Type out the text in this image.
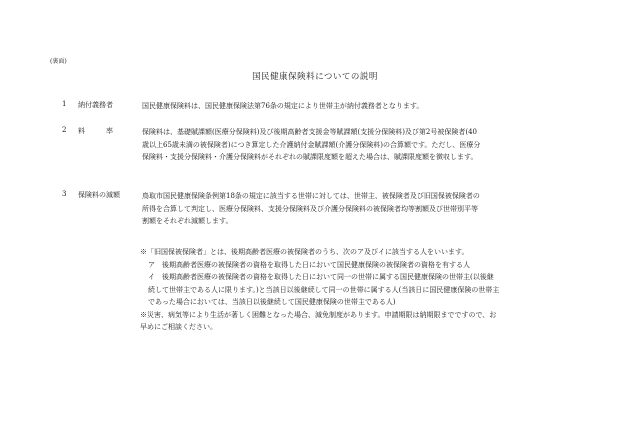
(裏面)
国民健康保険料についての説明
1 納付義務者	国民健康保険料は、国民健康保険法第76条の規定により世帯主が納付義務者となります。

2 料　　　率	保険料は、基礎賦課額(医療分保険料)及び後期高齢者支援金等賦課額(支援分保険料)及び第2号被保険者(40歳以上65歳未満の被保険者)につき算定した介護納付金賦課額(介護分保険料)の合算額です。ただし、医療分保険料・支援分保険料・介護分保険料がそれぞれの賦課限度額を超えた場合は、賦課限度額を徴収します。

3 保険料の減額	鳥取市国民健康保険条例第18条の規定に該当する世帯に対しては、世帯主、被保険者及び旧国保被保険者の所得を合算して判定し、医療分保険料、支援分保険料及び介護分保険料の被保険者均等割額及び世帯別平等割額をそれぞれ減額します。

※「旧国保被保険者」とは、後期高齢者医療の被保険者のうち、次のア及びイに該当する人をいいます。
ア　後期高齢者医療の被保険者の資格を取得した日において国民健康保険の被保険者の資格を有する人
イ　後期高齢者医療の被保険者の資格を取得した日において同一の世帯に属する国民健康保険の世帯主(以後継続して世帯主である人に限ります。)と当該日以後継続して同一の世帯に属する人(当該日に国民健康保険の世帯主であった場合においては、当該日以後継続して国民健康保険の世帯主である人)
※災害、病気等により生活が著しく困難となった場合、減免制度があります。申請期限は納期限までですので、お早めにご相談ください。
